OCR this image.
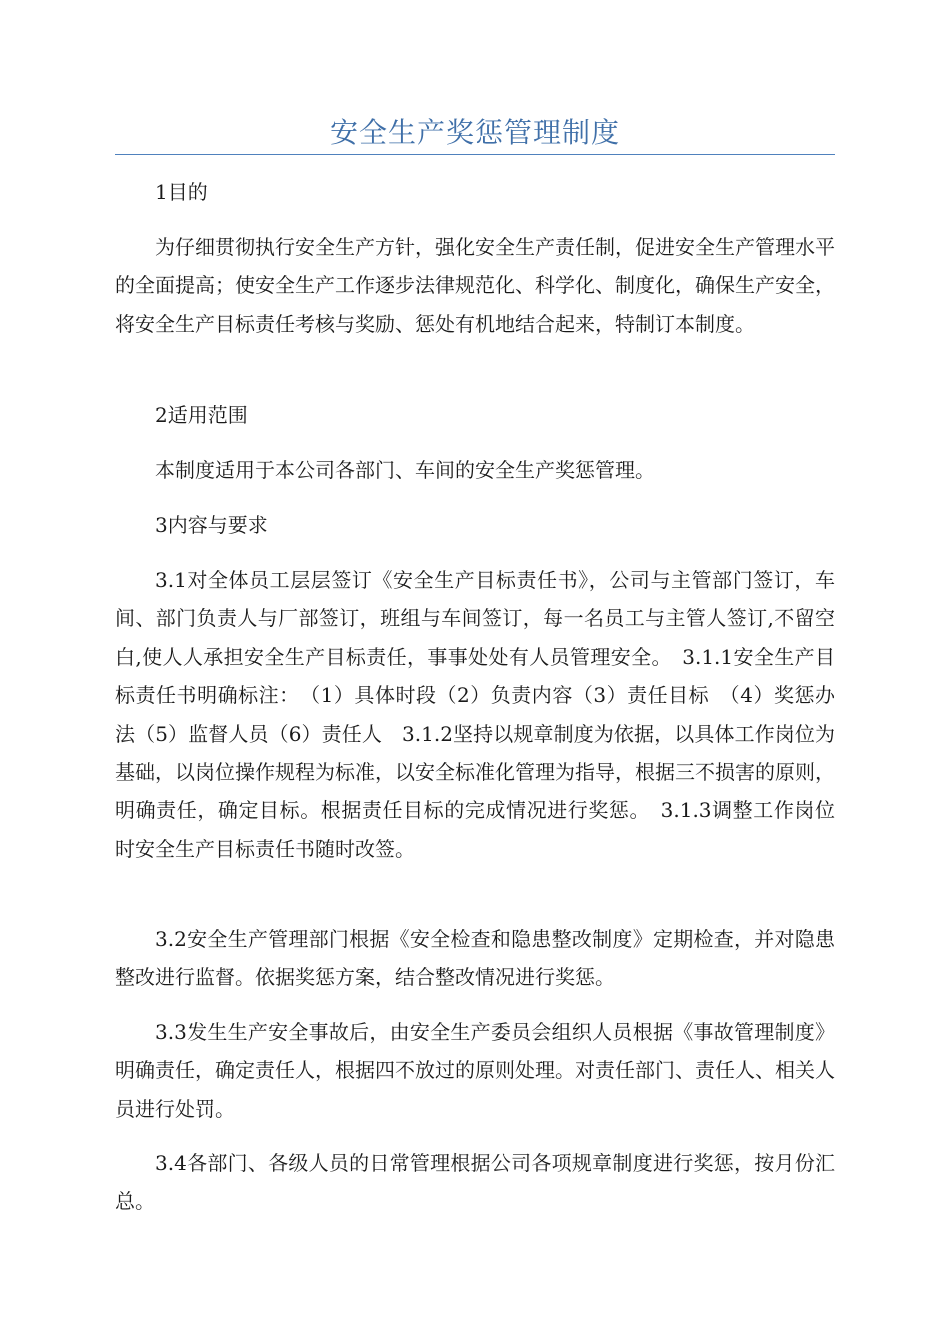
安全生产奖惩管理制度

1目的

为仔细贯彻执行安全生产方针，强化安全生产责任制，促进安全生产管理水平的全面提高；使安全生产工作逐步法律规范化、科学化、制度化，确保生产安全，将安全生产目标责任考核与奖励、惩处有机地结合起来，特制订本制度。

2适用范围

本制度适用于本公司各部门、车间的安全生产奖惩管理。

3内容与要求

3.1对全体员工层层签订《安全生产目标责任书》，公司与主管部门签订，车间、部门负责人与厂部签订，班组与车间签订，每一名员工与主管人签订,不留空白,使人人承担安全生产目标责任，事事处处有人员管理安全。　3.1.1安全生产目标责任书明确标注：　（1）具体时段（2）负责内容（3）责任目标　（4）奖惩办法（5）监督人员（6）责任人　3.1.2坚持以规章制度为依据，以具体工作岗位为基础，以岗位操作规程为标准，以安全标准化管理为指导，根据三不损害的原则，明确责任，确定目标。根据责任目标的完成情况进行奖惩。　3.1.3调整工作岗位时安全生产目标责任书随时改签。

3.2安全生产管理部门根据《安全检查和隐患整改制度》定期检查，并对隐患整改进行监督。依据奖惩方案，结合整改情况进行奖惩。

3.3发生生产安全事故后，由安全生产委员会组织人员根据《事故管理制度》明确责任，确定责任人，根据四不放过的原则处理。对责任部门、责任人、相关人员进行处罚。

3.4各部门、各级人员的日常管理根据公司各项规章制度进行奖惩，按月份汇总。
